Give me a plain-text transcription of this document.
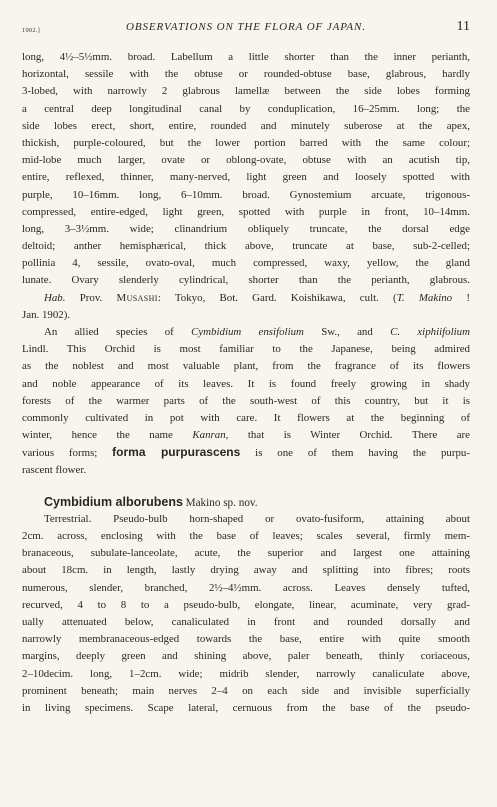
1902.]	OBSERVATIONS ON THE FLORA OF JAPAN.	11
long, 4½–5½mm. broad. Labellum a little shorter than the inner perianth,
horizontal, sessile with the obtuse or rounded-obtuse base, glabrous, hardly
3-lobed, with narrowly 2 glabrous lamellæ between the side lobes forming
a central deep longitudinal canal by conduplication, 16–25mm. long; the
side lobes erect, short, entire, rounded and minutely suberose at the apex,
thickish, purple-coloured, but the lower portion barred with the same colour;
mid-lobe much larger, ovate or oblong-ovate, obtuse with an acutish tip,
entire, reflexed, thinner, many-nerved, light green and loosely spotted with
purple, 10–16mm. long, 6–10mm. broad. Gynostemium arcuate, trigonous-
compressed, entire-edged, light green, spotted with purple in front, 10–14mm.
long, 3–3½mm. wide; clinandrium obliquely truncate, the dorsal edge
deltoid; anther hemisphærical, thick above, truncate at base, sub-2-celled;
pollinia 4, sessile, ovato-oval, much compressed, waxy, yellow, the gland
lunate. Ovary slenderly cylindrical, shorter than the perianth, glabrous.
Hab. Prov. Musashi: Tokyo, Bot. Gard. Koishikawa, cult. (T. Makino !
Jan. 1902).
An allied species of Cymbidium ensifolium Sw., and C. xiphiifolium
Lindl. This Orchid is most familiar to the Japanese, being admired
as the noblest and most valuable plant, from the fragrance of its flowers
and noble appearance of its leaves. It is found freely growing in shady
forests of the warmer parts of the south-west of this country, but it is
commonly cultivated in pot with care. It flowers at the beginning of
winter, hence the name Kanran, that is Winter Orchid. There are
various forms; forma purpurascens is one of them having the purpu-
rascent flower.
Cymbidium alborubens Makino sp. nov.
Terrestrial. Pseudo-bulb horn-shaped or ovato-fusiform, attaining about
2cm. across, enclosing with the base of leaves; scales several, firmly mem-
branaceous, subulate-lanceolate, acute, the superior and largest one attaining
about 18cm. in length, lastly drying away and splitting into fibres; roots
numerous, slender, branched, 2½–4½mm. across. Leaves densely tufted,
recurved, 4 to 8 to a pseudo-bulb, elongate, linear, acuminate, very grad-
ually attenuated below, canaliculated in front and rounded dorsally and
narrowly membranaceous-edged towards the base, entire with quite smooth
margins, deeply green and shining above, paler beneath, thinly coriaceous,
2–10decim. long, 1–2cm. wide; midrib slender, narrowly canaliculate above,
prominent beneath; main nerves 2–4 on each side and invisible superficially
in living specimens. Scape lateral, cernuous from the base of the pseudo-
